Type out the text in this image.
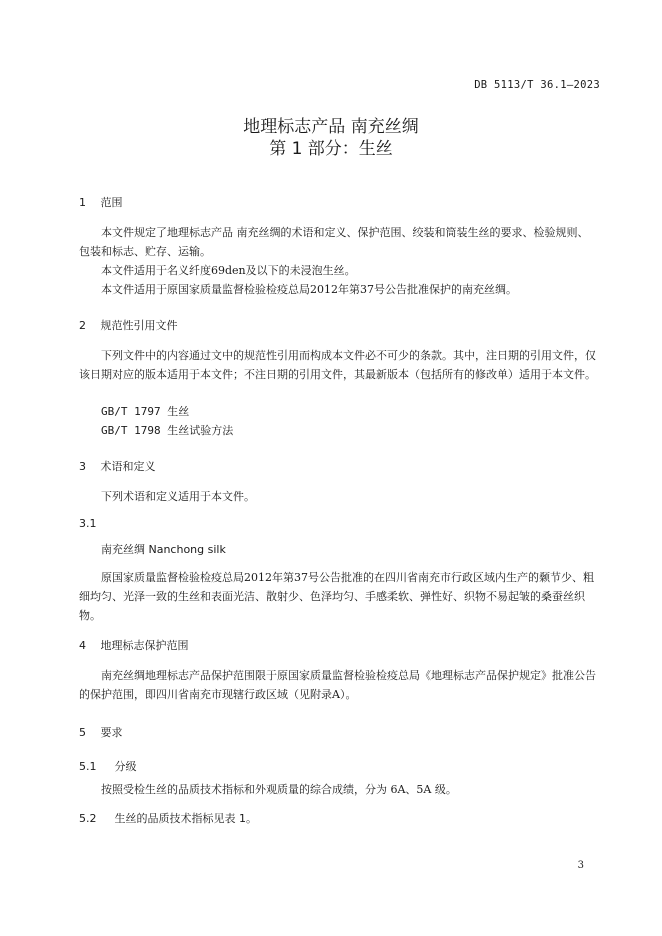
DB 5113/T 36.1—2023
地理标志产品 南充丝绸
第 1 部分：生丝
1 范围
本文件规定了地理标志产品 南充丝绸的术语和定义、保护范围、绞装和筒装生丝的要求、检验规则、包装和标志、贮存、运输。
本文件适用于名义纤度69den及以下的未浸泡生丝。
本文件适用于原国家质量监督检验检疫总局2012年第37号公告批准保护的南充丝绸。
2 规范性引用文件
下列文件中的内容通过文中的规范性引用而构成本文件必不可少的条款。其中，注日期的引用文件，仅该日期对应的版本适用于本文件；不注日期的引用文件，其最新版本（包括所有的修改单）适用于本文件。
GB/T 1797 生丝
GB/T 1798 生丝试验方法
3 术语和定义
下列术语和定义适用于本文件。
3.1
南充丝绸 Nanchong silk
原国家质量监督检验检疫总局2012年第37号公告批准的在四川省南充市行政区域内生产的颡节少、粗细均匀、光泽一致的生丝和表面光洁、散射少、色泽均匀、手感柔软、弹性好、织物不易起皱的桑蚕丝织物。
4 地理标志保护范围
南充丝绸地理标志产品保护范围限于原国家质量监督检验检疫总局《地理标志产品保护规定》批准公告的保护范围，即四川省南充市现辖行政区域（见附录A）。
5 要求
5.1 分级
按照受检生丝的品质技术指标和外观质量的综合成绩，分为 6A、5A 级。
5.2 生丝的品质技术指标见表 1。
3
